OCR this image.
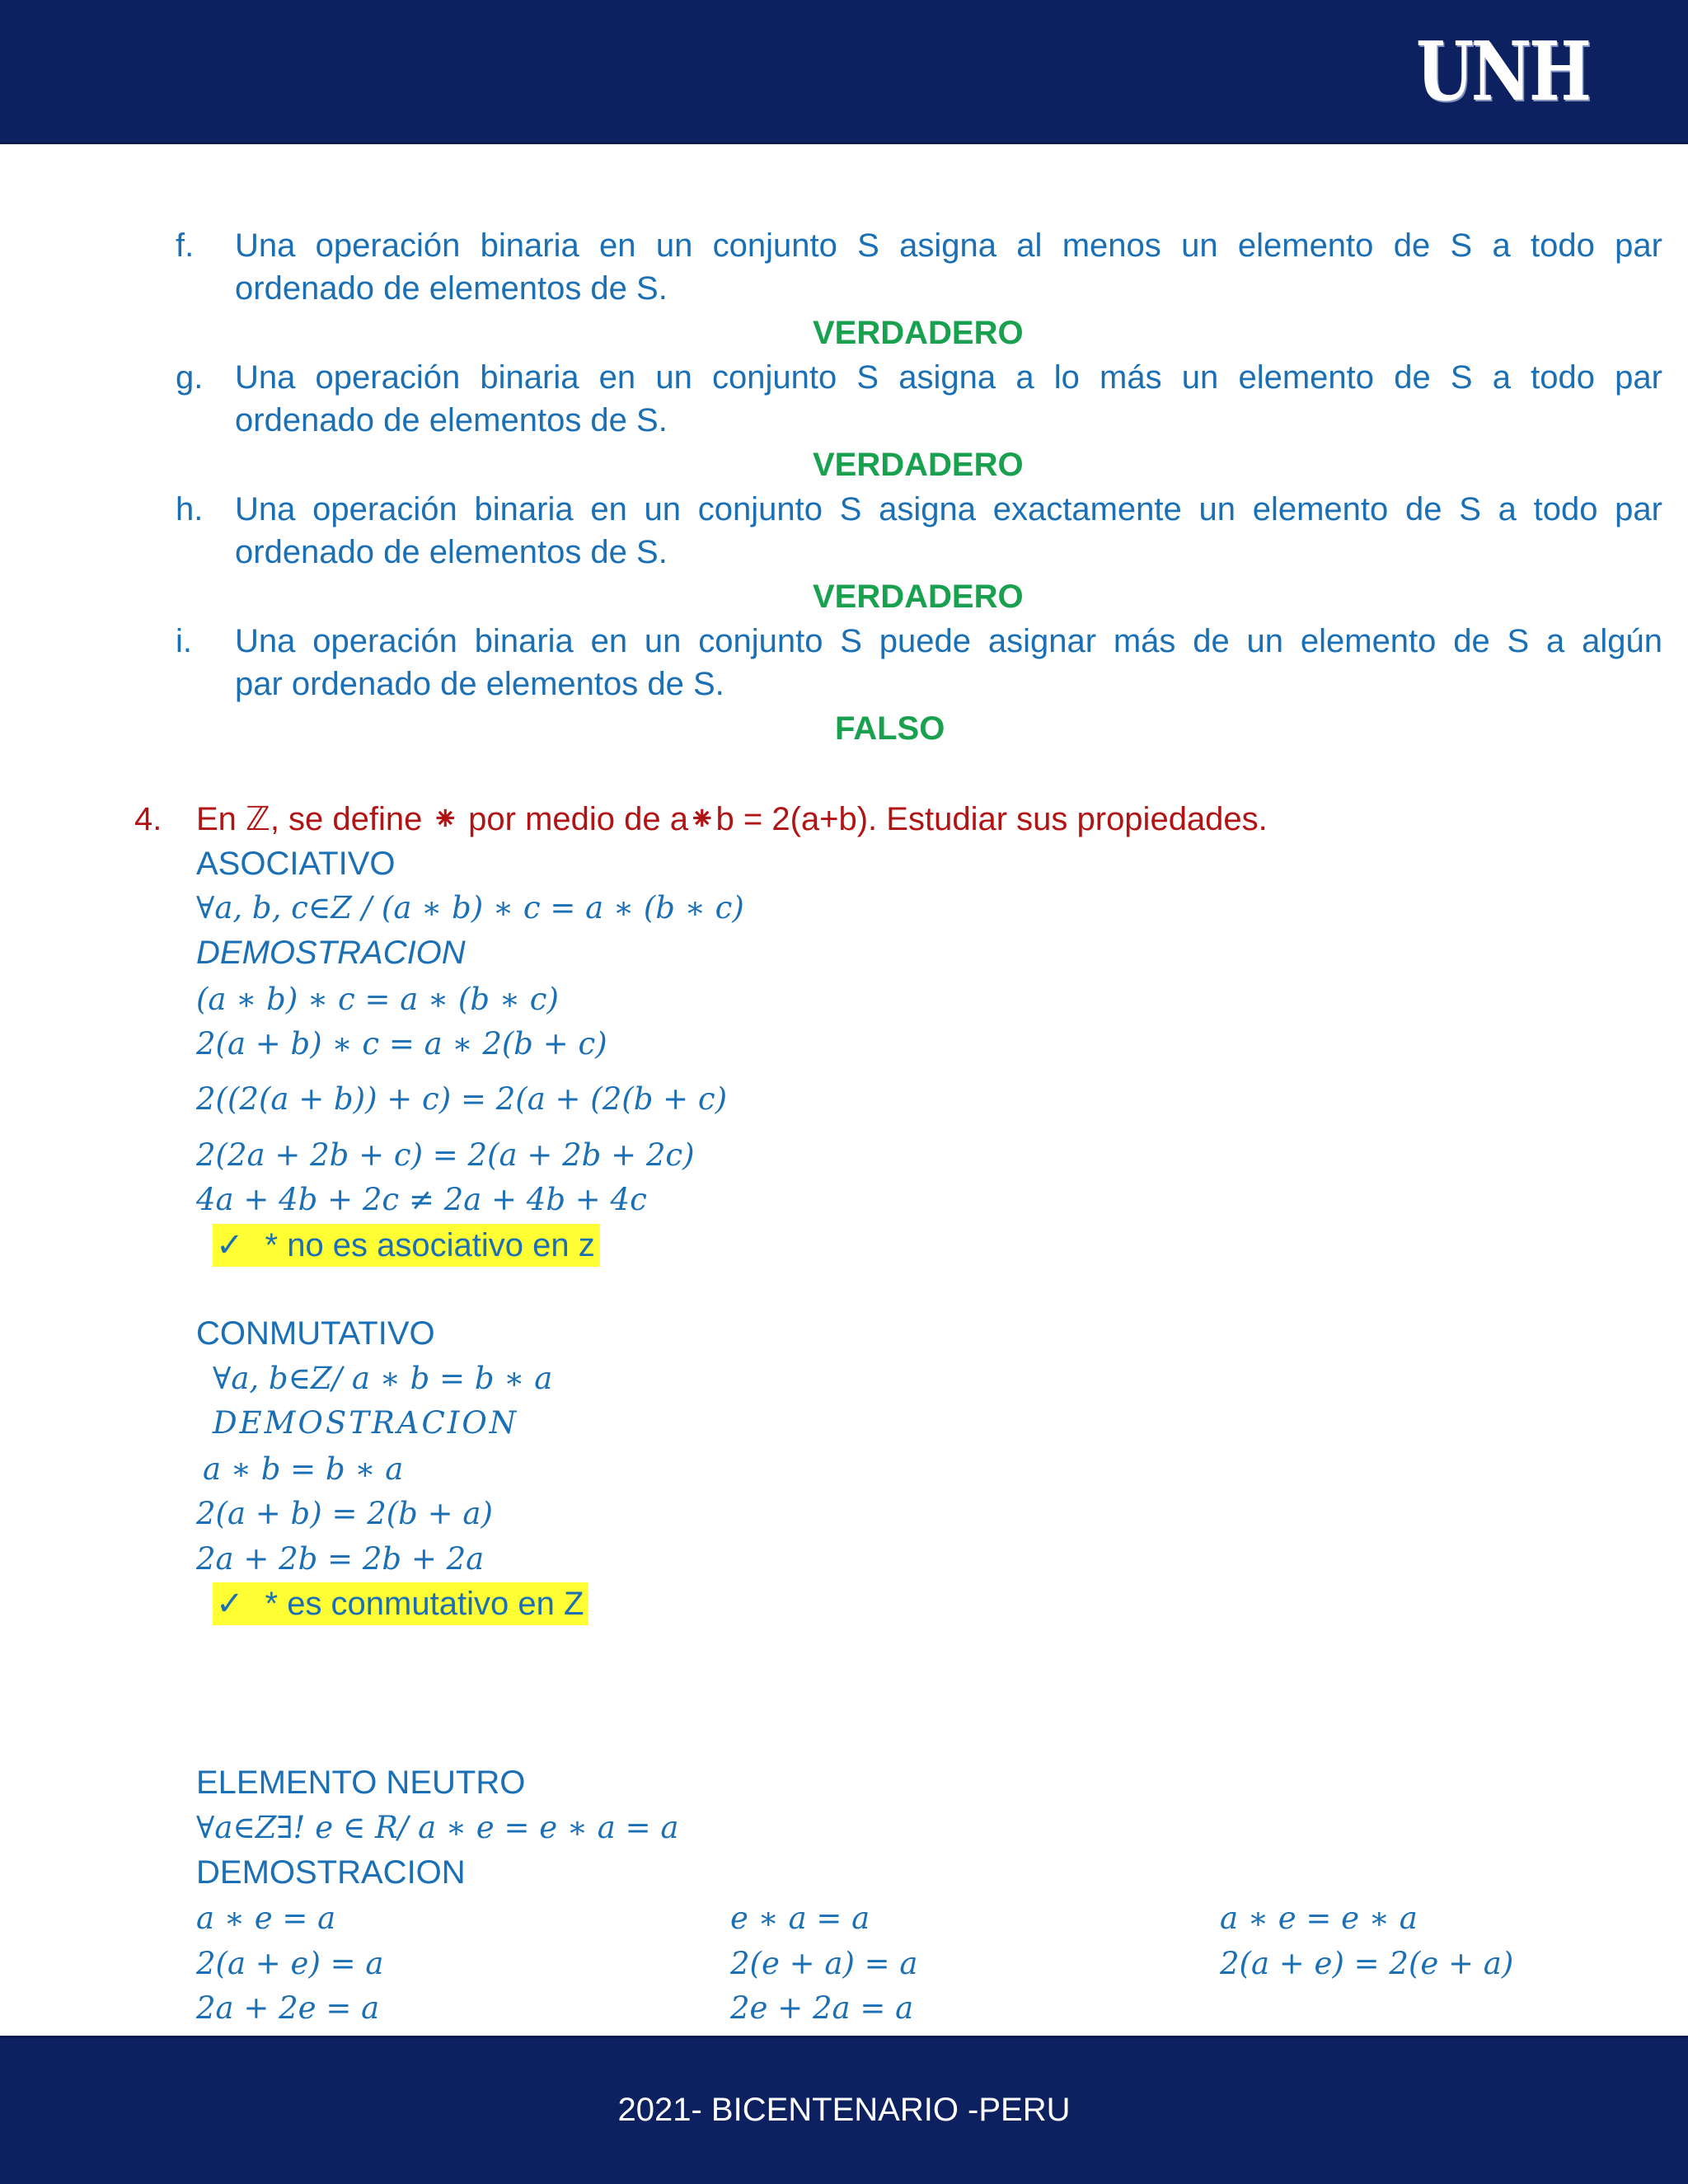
UNH
f. Una operación binaria en un conjunto S asigna al menos un elemento de S a todo par
ordenado de elementos de S.
VERDADERO
g. Una operación binaria en un conjunto S asigna a lo más un elemento de S a todo par
ordenado de elementos de S.
VERDADERO
h. Una operación binaria en un conjunto S asigna exactamente un elemento de S a todo par
ordenado de elementos de S.
VERDADERO
i. Una operación binaria en un conjunto S puede asignar más de un elemento de S a algún
par ordenado de elementos de S.
FALSO
4. En ℤ, se define ⁕ por medio de a⁕b = 2(a+b). Estudiar sus propiedades.
ASOCIATIVO
∀a, b, c∈Z / (a ∗ b) ∗ c = a ∗ (b ∗ c)
DEMOSTRACION
(a ∗ b) ∗ c = a ∗ (b ∗ c)
2(a + b) ∗ c = a ∗ 2(b + c)
2((2(a + b)) + c) = 2(a + (2(b + c)
2(2a + 2b + c) = 2(a + 2b + 2c)
4a + 4b + 2c ≠ 2a + 4b + 4c
✓ * no es asociativo en z
CONMUTATIVO
∀a, b∈Z/ a ∗ b = b ∗ a
DEMOSTRACION
a ∗ b = b ∗ a
2(a + b) = 2(b + a)
2a + 2b = 2b + 2a
✓ * es conmutativo en Z
ELEMENTO NEUTRO
∀a∈Z∃! e ∈ R/ a ∗ e = e ∗ a = a
DEMOSTRACION
a ∗ e = a
2(a + e) = a
2a + 2e = a
e ∗ a = a
2(e + a) = a
2e + 2a = a
a ∗ e = e ∗ a
2(a + e) = 2(e + a)
2021- BICENTENARIO -PERU
